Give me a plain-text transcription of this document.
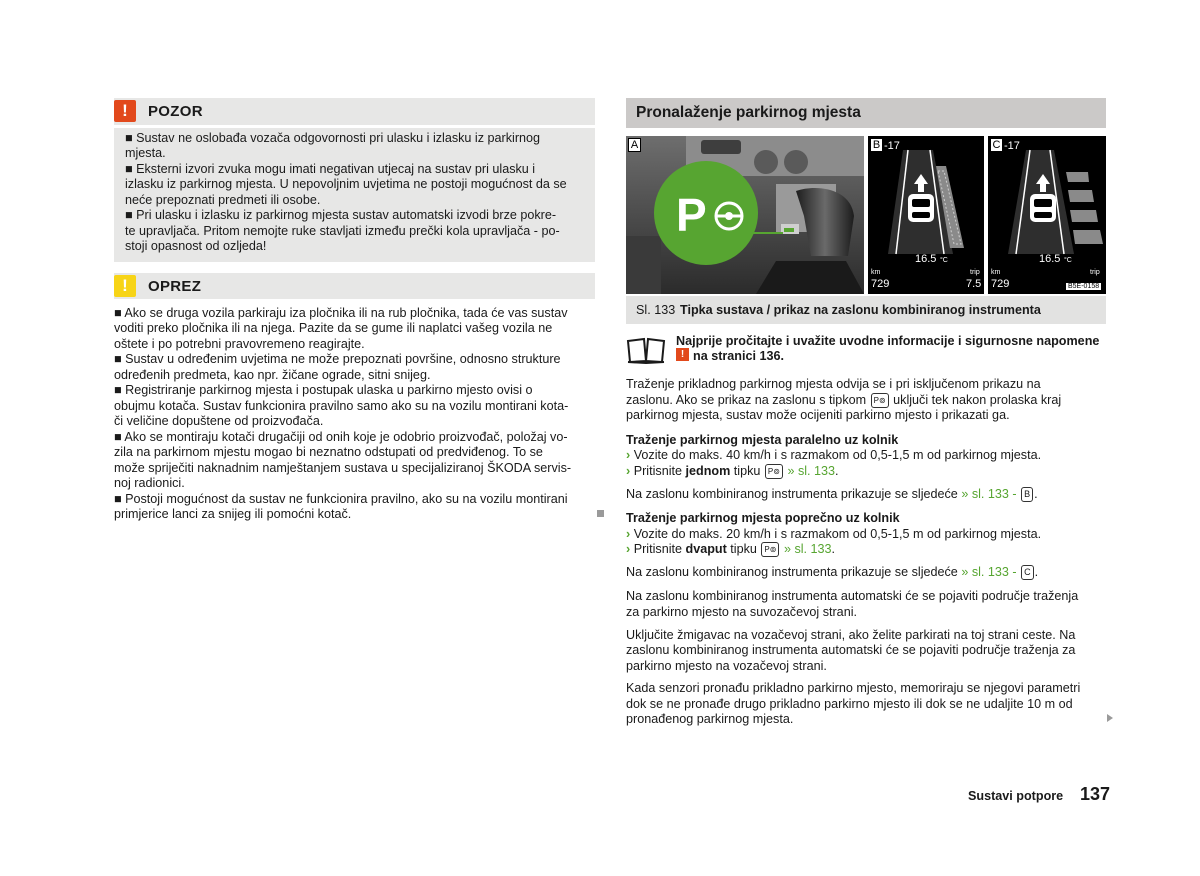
!	POZOR
■ Sustav ne oslobađa vozača odgovornosti pri ulasku i izlasku iz parkirnog
mjesta.
■ Eksterni izvori zvuka mogu imati negativan utjecaj na sustav pri ulasku i
izlasku iz parkirnog mjesta. U nepovoljnim uvjetima ne postoji mogućnost da se
neće prepoznati predmeti ili osobe.
■ Pri ulasku i izlasku iz parkirnog mjesta sustav automatski izvodi brze pokre-
te upravljača. Pritom nemojte ruke stavljati između prečki kola upravljača - po-
stoji opasnost od ozljeda!
!	OPREZ
■ Ako se druga vozila parkiraju iza pločnika ili na rub pločnika, tada će vas sustav
voditi preko pločnika ili na njega. Pazite da se gume ili naplatci vašeg vozila ne
oštete i po potrebni pravovremeno reagirajte.
■ Sustav u određenim uvjetima ne može prepoznati površine, odnosno strukture
određenih predmeta, kao npr. žičane ograde, sitni snijeg.
■ Registriranje parkirnog mjesta i postupak ulaska u parkirno mjesto ovisi o
obujmu kotača. Sustav funkcionira pravilno samo ako su na vozilu montirani kota-
či veličine dopuštene od proizvođača.
■ Ako se montiraju kotači drugačiji od onih koje je odobrio proizvođač, položaj vo-
zila na parkirnom mjestu mogao bi neznatno odstupati od predviđenog. To se
može spriječiti naknadnim namještanjem sustava u specijaliziranoj ŠKODA servis-
noj radionici.
■ Postoji mogućnost da sustav ne funkcionira pravilno, ako su na vozilu montirani
primjerice lanci za snijeg ili pomoćni kotač.
Pronalaženje parkirnog mjesta
P
A	B -17
16.5 °C
km
729
trip
7.5
C -17
16.5 °C
km
729
trip
B5E-0158
Sl. 133 Tipka sustava / prikaz na zaslonu kombiniranog instrumenta
Najprije pročitajte i uvažite uvodne informacije i sigurnosne napomene
! na stranici 136.
Traženje prikladnog parkirnog mjesta odvija se i pri isključenom prikazu na
zaslonu. Ako se prikaz na zaslonu s tipkom P⊚ uključi tek nakon prolaska kraj
parkirnog mjesta, sustav može ocijeniti parkirno mjesto i prikazati ga.
Traženje parkirnog mjesta paralelno uz kolnik
› Vozite do maks. 40 km/h i s razmakom od 0,5-1,5 m od parkirnog mjesta.
› Pritisnite jednom tipku P⊚ » sl. 133.
Na zaslonu kombiniranog instrumenta prikazuje se sljedeće » sl. 133 - B .
Traženje parkirnog mjesta poprečno uz kolnik
› Vozite do maks. 20 km/h i s razmakom od 0,5-1,5 m od parkirnog mjesta.
› Pritisnite dvaput tipku P⊚ » sl. 133.
Na zaslonu kombiniranog instrumenta prikazuje se sljedeće » sl. 133 - C .
Na zaslonu kombiniranog instrumenta automatski će se pojaviti područje traženja
za parkirno mjesto na suvozačevoj strani.
Uključite žmigavac na vozačevoj strani, ako želite parkirati na toj strani ceste. Na
zaslonu kombiniranog instrumenta automatski će se pojaviti područje traženja za
parkirno mjesto na vozačevoj strani.
Kada senzori pronađu prikladno parkirno mjesto, memoriraju se njegovi parametri
dok se ne pronađe drugo prikladno parkirno mjesto ili dok se ne udaljite 10 m od
pronađenog parkirnog mjesta.
Sustavi potpore 137
